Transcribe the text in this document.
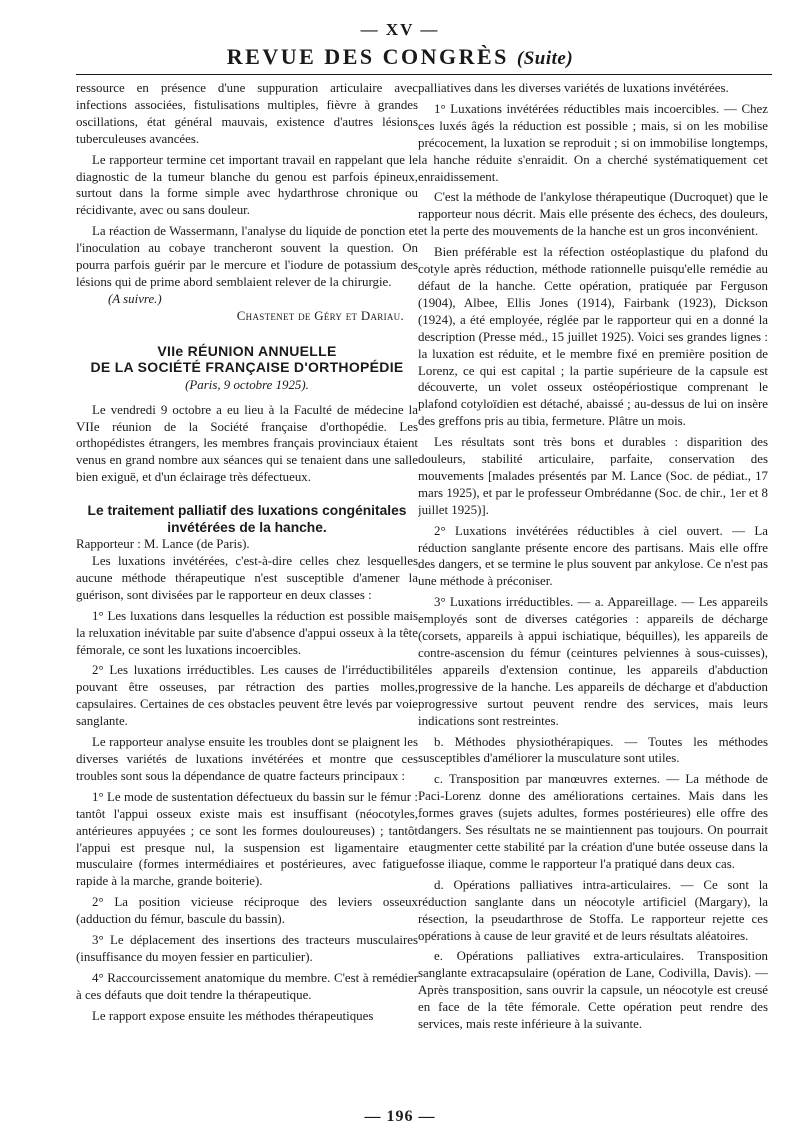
— XV —
REVUE DES CONGRÈS (Suite)

ressource en présence d'une suppuration articulaire avec infections associées, fistulisations multiples, fièvre à grandes oscillations, état général mauvais, existence d'autres lésions tuberculeuses avancées.

Le rapporteur termine cet important travail en rappelant que le diagnostic de la tumeur blanche du genou est parfois épineux, surtout dans la forme simple avec hydarthrose chronique ou récidivante, avec ou sans douleur.

La réaction de Wassermann, l'analyse du liquide de ponction et l'inoculation au cobaye trancheront souvent la question. On pourra parfois guérir par le mercure et l'iodure de potassium des lésions qui de prime abord semblaient relever de la chirurgie.

(A suivre.)

Chastenet de Géry et Dariau.

VIIe RÉUNION ANNUELLE
DE LA SOCIÉTÉ FRANÇAISE D'ORTHOPÉDIE
(Paris, 9 octobre 1925).

Le vendredi 9 octobre a eu lieu à la Faculté de médecine la VIIe réunion de la Société française d'orthopédie. Les orthopédistes étrangers, les membres français provinciaux étaient venus en grand nombre aux séances qui se tenaient dans une salle bien exiguë, et d'un éclairage très défectueux.

Le traitement palliatif des luxations congénitales invétérées de la hanche.

Rapporteur : M. Lance (de Paris).

Les luxations invétérées, c'est-à-dire celles chez lesquelles aucune méthode thérapeutique n'est susceptible d'amener la guérison, sont divisées par le rapporteur en deux classes :

1° Les luxations dans lesquelles la réduction est possible mais la reluxation inévitable par suite d'absence d'appui osseux à la tête fémorale, ce sont les luxations incoercibles.

2° Les luxations irréductibles. Les causes de l'irréductibilité pouvant être osseuses, par rétraction des parties molles, capsulaires. Certaines de ces obstacles peuvent être levés par voie sanglante.

Le rapporteur analyse ensuite les troubles dont se plaignent les diverses variétés de luxations invétérées et montre que ces troubles sont sous la dépendance de quatre facteurs principaux :

1° Le mode de sustentation défectueux du bassin sur le fémur : tantôt l'appui osseux existe mais est insuffisant (néocotyles, antérieures appuyées ; ce sont les formes douloureuses) ; tantôt l'appui est presque nul, la suspension est ligamentaire et musculaire (formes intermédiaires et postérieures, avec fatigue rapide à la marche, grande boiterie).

2° La position vicieuse réciproque des leviers osseux (adduction du fémur, bascule du bassin).

3° Le déplacement des insertions des tracteurs musculaires (insuffisance du moyen fessier en particulier).

4° Raccourcissement anatomique du membre. C'est à remédier à ces défauts que doit tendre la thérapeutique.

Le rapport expose ensuite les méthodes thérapeutiques

palliatives dans les diverses variétés de luxations invétérées.

1° Luxations invétérées réductibles mais incoercibles. — Chez ces luxés âgés la réduction est possible ; mais, si on les mobilise précocement, la luxation se reproduit ; si on immobilise longtemps, la hanche réduite s'enraidit. On a cherché systématiquement cet enraidissement.

C'est la méthode de l'ankylose thérapeutique (Ducroquet) que le rapporteur nous décrit. Mais elle présente des échecs, des douleurs, et la perte des mouvements de la hanche est un gros inconvénient.

Bien préférable est la réfection ostéoplastique du plafond du cotyle après réduction, méthode rationnelle puisqu'elle remédie au défaut de la hanche. Cette opération, pratiquée par Ferguson (1904), Albee, Ellis Jones (1914), Fairbank (1923), Dickson (1924), a été employée, réglée par le rapporteur qui en a donné la description (Presse méd., 15 juillet 1925). Voici ses grandes lignes : la luxation est réduite, et le membre fixé en première position de Lorenz, ce qui est capital ; la partie supérieure de la capsule est découverte, un volet osseux ostéopériostique comprenant le plafond cotyloïdien est détaché, abaissé ; au-dessus de lui on insère des greffons pris au tibia, fermeture. Plâtre un mois.

Les résultats sont très bons et durables : disparition des douleurs, stabilité articulaire, parfaite, conservation des mouvements [malades présentés par M. Lance (Soc. de pédiat., 17 mars 1925), et par le professeur Ombrédanne (Soc. de chir., 1er et 8 juillet 1925)].

2° Luxations invétérées réductibles à ciel ouvert. — La réduction sanglante présente encore des partisans. Mais elle offre des dangers, et se termine le plus souvent par ankylose. Ce n'est pas une méthode à préconiser.

3° Luxations irréductibles. — a. Appareillage. — Les appareils employés sont de diverses catégories : appareils de décharge (corsets, appareils à appui ischiatique, béquilles), les appareils de contre-ascension du fémur (ceintures pelviennes à sous-cuisses), les appareils d'extension continue, les appareils d'abduction progressive de la hanche. Les appareils de décharge et d'abduction progressive surtout peuvent rendre des services, mais leurs indications sont restreintes.

b. Méthodes physiothérapiques. — Toutes les méthodes susceptibles d'améliorer la musculature sont utiles.

c. Transposition par manœuvres externes. — La méthode de Paci-Lorenz donne des améliorations certaines. Mais dans les formes graves (sujets adultes, formes postérieures) elle offre des dangers. Ses résultats ne se maintiennent pas toujours. On pourrait augmenter cette stabilité par la création d'une butée osseuse dans la fosse iliaque, comme le rapporteur l'a pratiqué dans deux cas.

d. Opérations palliatives intra-articulaires. — Ce sont la réduction sanglante dans un néocotyle artificiel (Margary), la résection, la pseudarthrose de Stoffa. Le rapporteur rejette ces opérations à cause de leur gravité et de leurs résultats aléatoires.

e. Opérations palliatives extra-articulaires. Transposition sanglante extracapsulaire (opération de Lane, Codivilla, Davis). — Après transposition, sans ouvrir la capsule, un néocotyle est creusé en face de la tête fémorale. Cette opération peut rendre des services, mais reste inférieure à la suivante.

— 196 —
